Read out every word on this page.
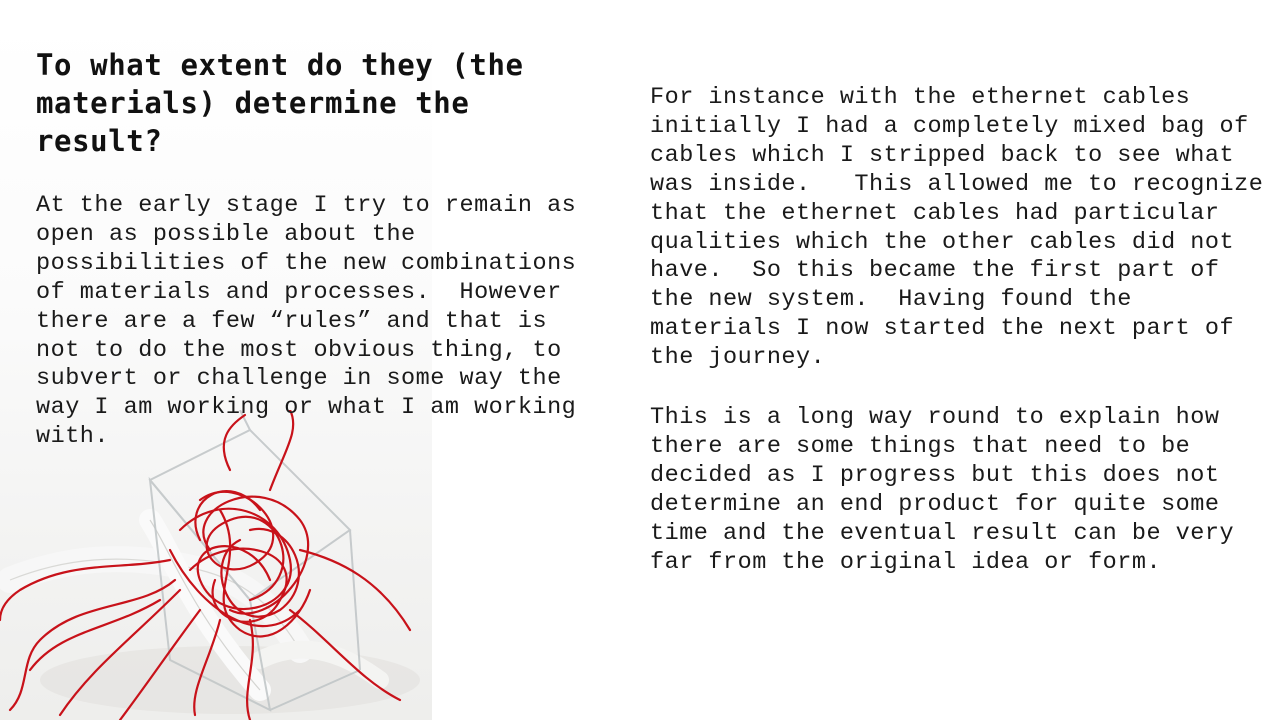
To what extent do they (the materials) determine the result?

At the early stage I try to remain as open as possible about the possibilities of the new combinations of materials and processes.  However there are a few “rules” and that is not to do the most obvious thing, to subvert or challenge in some way the way I am working or what I am working with.

For instance with the ethernet cables initially I had a completely mixed bag of cables which I stripped back to see what was inside.   This allowed me to recognize that the ethernet cables had particular qualities which the other cables did not have.  So this became the first part of the new system.  Having found the materials I now started the next part of the journey.

This is a long way round to explain how there are some things that need to be decided as I progress but this does not determine an end product for quite some time and the eventual result can be very far from the original idea or form.
